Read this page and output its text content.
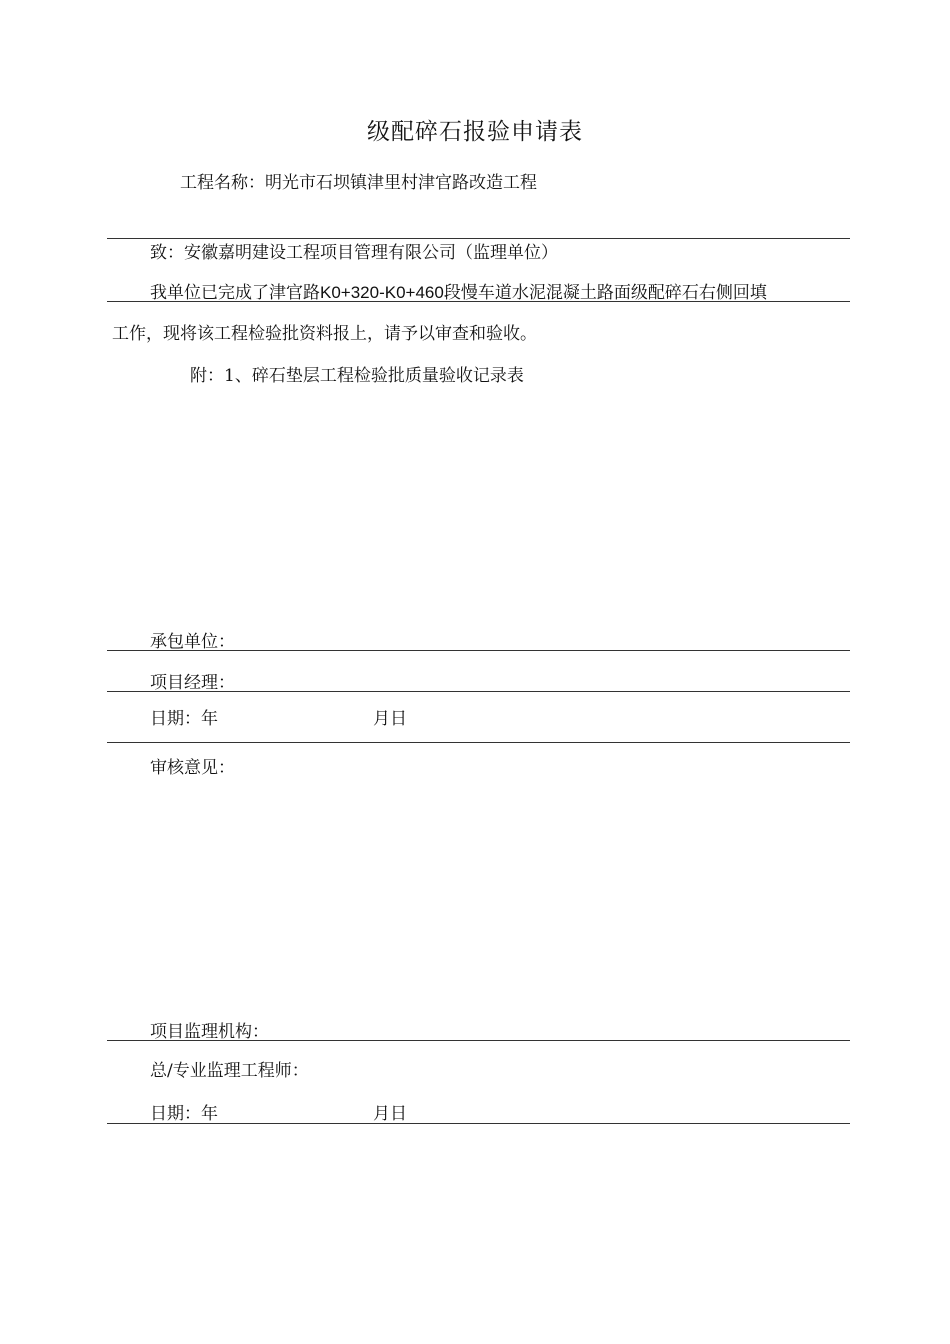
级配碎石报验申请表
工程名称：明光市石坝镇津里村津官路改造工程
致：安徽嘉明建设工程项目管理有限公司（监理单位）
我单位已完成了津官路K0+320-K0+460段慢车道水泥混凝土路面级配碎石右侧回填
工作，现将该工程检验批资料报上，请予以审查和验收。
附：1、碎石垫层工程检验批质量验收记录表
承包单位：
项目经理：
日期：年	月日
审核意见：
项目监理机构：
总/专业监理工程师：
日期：年	月日
